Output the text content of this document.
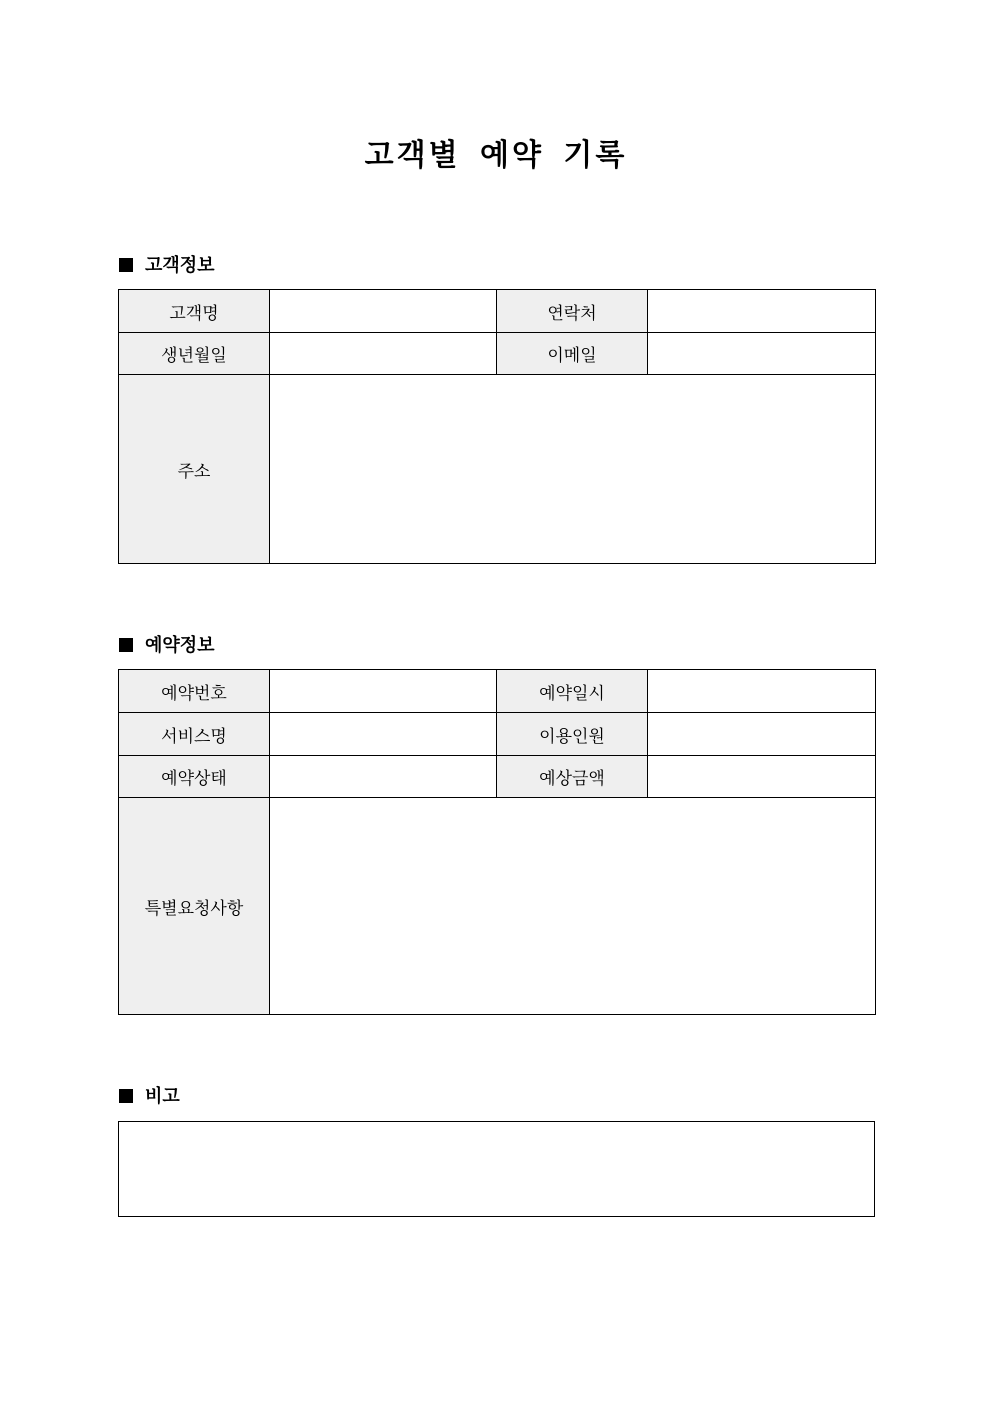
고객별 예약 기록
고객정보
고객명		연락처	
생년월일		이메일	
주소			
예약정보
예약번호		예약일시	
서비스명		이용인원	
예약상태		예상금액	
특별요청사항			
비고
